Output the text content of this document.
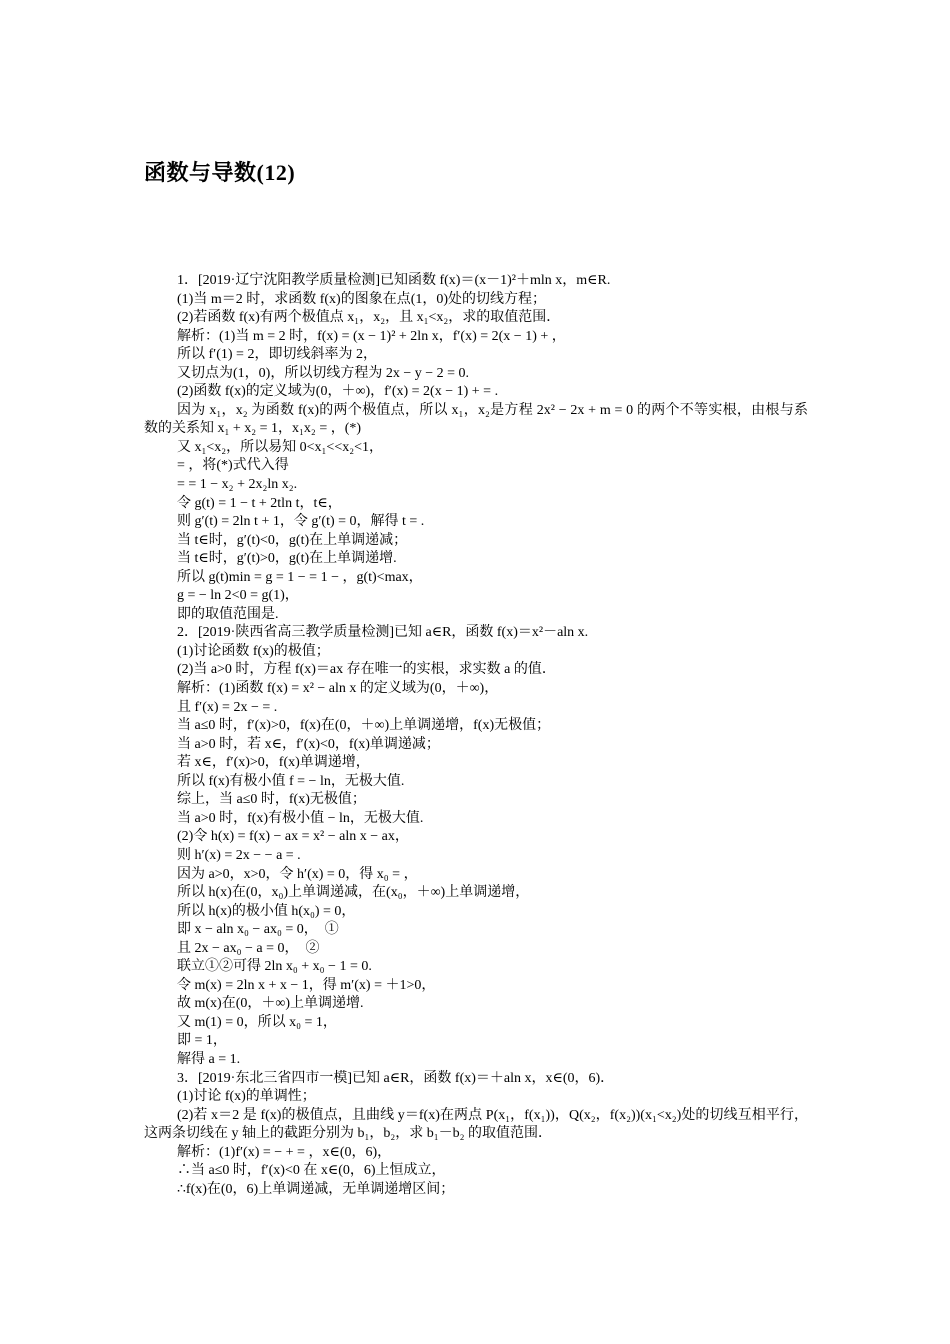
函数与导数(12)
1．[2019·辽宁沈阳教学质量检测]已知函数 f(x)＝(x－1)²＋mln x，m∈R.
(1)当 m＝2 时，求函数 f(x)的图象在点(1，0)处的切线方程；
(2)若函数 f(x)有两个极值点 x₁，x₂，且 x₁<x₂，求的取值范围．
解析：(1)当 m = 2 时，f(x) = (x − 1)² + 2ln x，f′(x) = 2(x − 1) + ，
所以 f′(1) = 2，即切线斜率为 2，
又切点为(1，0)，所以切线方程为 2x − y − 2 = 0.
(2)函数 f(x)的定义域为(0，＋∞)，f′(x) = 2(x − 1) + = .
因为 x₁，x₂ 为函数 f(x)的两个极值点，所以 x₁，x₂是方程 2x² − 2x + m = 0 的两个不等实根，由根与系数的关系知 x₁ + x₂ = 1，x₁x₂ = ，(*)
又 x₁<x₂，所以易知 0<x₁<<x₂<1，
= ，将(*)式代入得
= = 1 − x₂ + 2x₂ln x₂.
令 g(t) = 1 − t + 2tln t，t∈，
则 g′(t) = 2ln t + 1，令 g′(t) = 0，解得 t = .
当 t∈时，g′(t)<0，g(t)在上单调递减；
当 t∈时，g′(t)>0，g(t)在上单调递增.
所以 g(t)min = g = 1 − = 1 − ，g(t)<max，
g = − ln 2<0 = g(1)，
即的取值范围是.
2．[2019·陕西省高三教学质量检测]已知 a∈R，函数 f(x)＝x²－aln x.
(1)讨论函数 f(x)的极值；
(2)当 a>0 时，方程 f(x)＝ax 存在唯一的实根，求实数 a 的值．
解析：(1)函数 f(x) = x² − aln x 的定义域为(0，＋∞)，
且 f′(x) = 2x − = .
当 a≤0 时，f′(x)>0，f(x)在(0，＋∞)上单调递增，f(x)无极值；
当 a>0 时，若 x∈，f′(x)<0，f(x)单调递减；
若 x∈，f′(x)>0，f(x)单调递增，
所以 f(x)有极小值 f = − ln，无极大值.
综上，当 a≤0 时，f(x)无极值；
当 a>0 时，f(x)有极小值 − ln，无极大值.
(2)令 h(x) = f(x) − ax = x² − aln x − ax，
则 h′(x) = 2x − − a = .
因为 a>0，x>0，令 h′(x) = 0，得 x₀ = ，
所以 h(x)在(0，x₀)上单调递减，在(x₀，＋∞)上单调递增，
所以 h(x)的极小值 h(x₀) = 0，
即 x − aln x₀ − ax₀ = 0，　①
且 2x − ax₀ − a = 0，　②
联立①②可得 2ln x₀ + x₀ − 1 = 0.
令 m(x) = 2ln x + x − 1，得 m′(x) = ＋1>0，
故 m(x)在(0，＋∞)上单调递增.
又 m(1) = 0，所以 x₀ = 1，
即 = 1，
解得 a = 1.
3．[2019·东北三省四市一模]已知 a∈R，函数 f(x)＝＋aln x，x∈(0，6)．
(1)讨论 f(x)的单调性；
(2)若 x＝2 是 f(x)的极值点，且曲线 y＝f(x)在两点 P(x₁，f(x₁))，Q(x₂，f(x₂))(x₁<x₂)处的切线互相平行，这两条切线在 y 轴上的截距分别为 b₁，b₂，求 b₁－b₂ 的取值范围．
解析：(1)f′(x) = − + = ，x∈(0，6)，
∴当 a≤0 时，f′(x)<0 在 x∈(0，6)上恒成立，
∴f(x)在(0，6)上单调递减，无单调递增区间；
